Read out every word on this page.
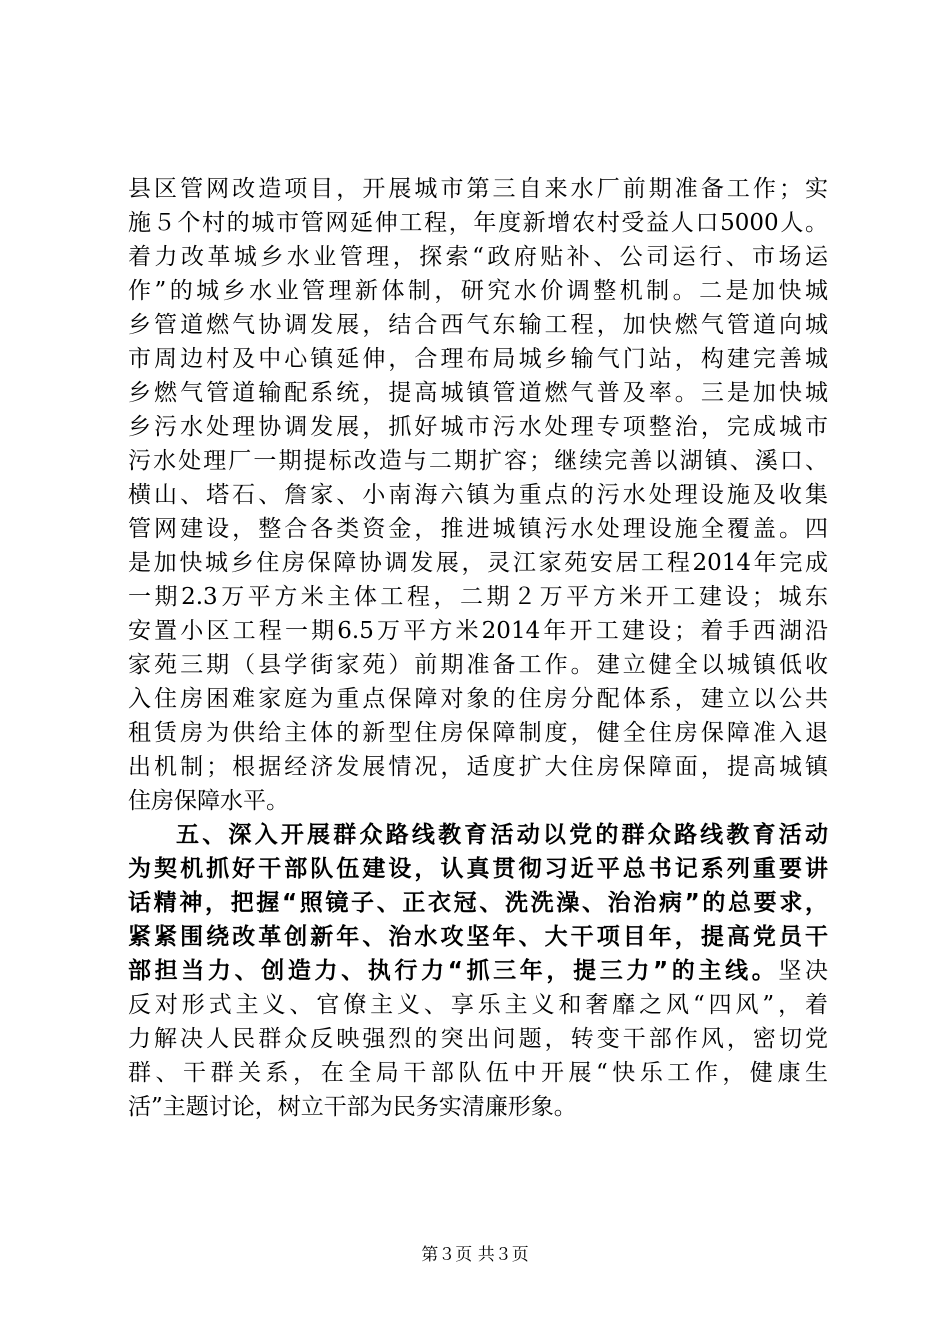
县区管网改造项目，开展城市第三自来水厂前期准备工作；实
施５个村的城市管网延伸工程，年度新增农村受益人口5000人。
着力改革城乡水业管理，探索“政府贴补、公司运行、市场运
作”的城乡水业管理新体制，研究水价调整机制。二是加快城
乡管道燃气协调发展，结合西气东输工程，加快燃气管道向城
市周边村及中心镇延伸，合理布局城乡输气门站，构建完善城
乡燃气管道输配系统，提高城镇管道燃气普及率。三是加快城
乡污水处理协调发展，抓好城市污水处理专项整治，完成城市
污水处理厂一期提标改造与二期扩容；继续完善以湖镇、溪口、
横山、塔石、詹家、小南海六镇为重点的污水处理设施及收集
管网建设，整合各类资金，推进城镇污水处理设施全覆盖。四
是加快城乡住房保障协调发展，灵江家苑安居工程2014年完成
一期2.3万平方米主体工程，二期２万平方米开工建设；城东
安置小区工程一期6.5万平方米2014年开工建设；着手西湖沿
家苑三期（县学街家苑）前期准备工作。建立健全以城镇低收
入住房困难家庭为重点保障对象的住房分配体系，建立以公共
租赁房为供给主体的新型住房保障制度，健全住房保障准入退
出机制；根据经济发展情况，适度扩大住房保障面，提高城镇
住房保障水平。
五、深入开展群众路线教育活动以党的群众路线教育活动
为契机抓好干部队伍建设，认真贯彻习近平总书记系列重要讲
话精神，把握“照镜子、正衣冠、洗洗澡、治治病”的总要求，
紧紧围绕改革创新年、治水攻坚年、大干项目年，提高党员干
部担当力、创造力、执行力“抓三年，提三力”的主线。坚决
反对形式主义、官僚主义、享乐主义和奢靡之风“四风”，着
力解决人民群众反映强烈的突出问题，转变干部作风，密切党
群、干群关系，在全局干部队伍中开展“快乐工作，健康生
活”主题讨论，树立干部为民务实清廉形象。
第３页 共３页
